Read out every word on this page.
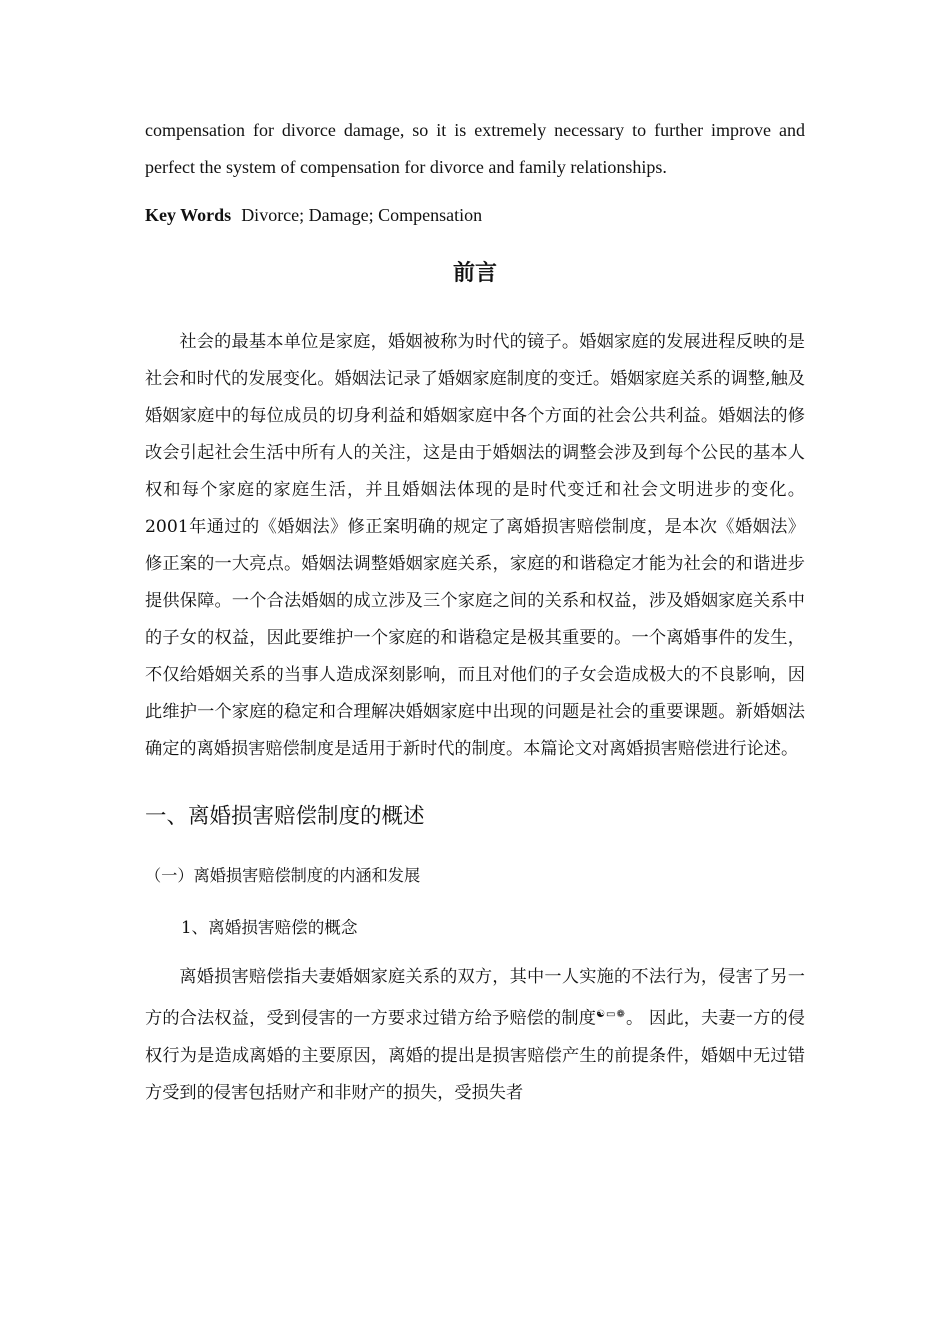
compensation for divorce damage, so it is extremely necessary to further improve and perfect the system of compensation for divorce and family relationships.

Key Words Divorce; Damage; Compensation
前言
社会的最基本单位是家庭，婚姻被称为时代的镜子。婚姻家庭的发展进程反映的是社会和时代的发展变化。婚姻法记录了婚姻家庭制度的变迁。婚姻家庭关系的调整,触及婚姻家庭中的每位成员的切身利益和婚姻家庭中各个方面的社会公共利益。婚姻法的修改会引起社会生活中所有人的关注，这是由于婚姻法的调整会涉及到每个公民的基本人权和每个家庭的家庭生活，并且婚姻法体现的是时代变迁和社会文明进步的变化。2001年通过的《婚姻法》修正案明确的规定了离婚损害赔偿制度，是本次《婚姻法》修正案的一大亮点。婚姻法调整婚姻家庭关系，家庭的和谐稳定才能为社会的和谐进步提供保障。一个合法婚姻的成立涉及三个家庭之间的关系和权益，涉及婚姻家庭关系中的子女的权益，因此要维护一个家庭的和谐稳定是极其重要的。一个离婚事件的发生，不仅给婚姻关系的当事人造成深刻影响，而且对他们的子女会造成极大的不良影响，因此维护一个家庭的稳定和合理解决婚姻家庭中出现的问题是社会的重要课题。新婚姻法确定的离婚损害赔偿制度是适用于新时代的制度。本篇论文对离婚损害赔偿进行论述。
一、离婚损害赔偿制度的概述
（一）离婚损害赔偿制度的内涵和发展
1、离婚损害赔偿的概念
离婚损害赔偿指夫妻婚姻家庭关系的双方，其中一人实施的不法行为，侵害了另一方的合法权益，受到侵害的一方要求过错方给予赔偿的制度☯▭❁。 因此，夫妻一方的侵权行为是造成离婚的主要原因，离婚的提出是损害赔偿产生的前提条件，婚姻中无过错方受到的侵害包括财产和非财产的损失，受损失者
